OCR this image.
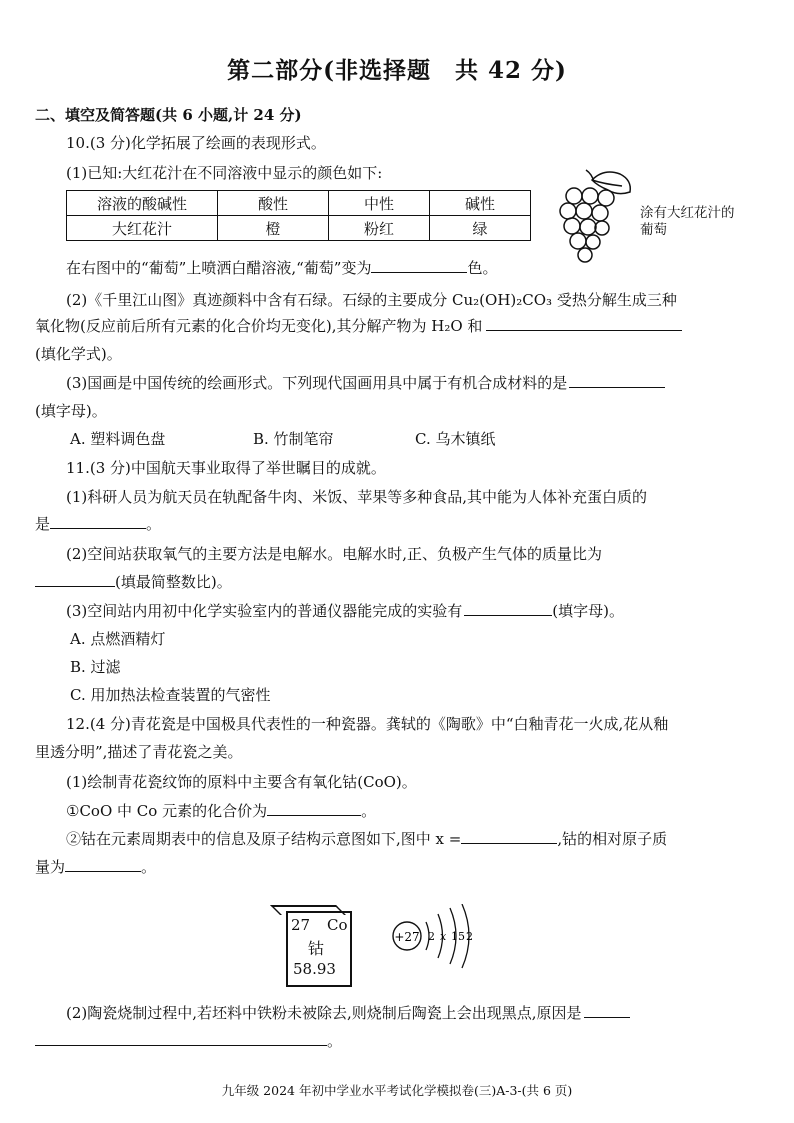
第二部分(非选择题　共 42 分)
二、填空及简答题(共 6 小题,计 24 分)
10.(3 分)化学拓展了绘画的表现形式。
(1)已知:大红花汁在不同溶液中显示的颜色如下:
溶液的酸碱性	酸性	中性	碱性
大红花汁	橙	粉红	绿
涂有大红花汁的葡萄
在右图中的“葡萄”上喷洒白醋溶液,“葡萄”变为	色。
(2)《千里江山图》真迹颜料中含有石绿。石绿的主要成分 Cu₂(OH)₂CO₃ 受热分解生成三种
氧化物(反应前后所有元素的化合价均无变化),其分解产物为 H₂O 和
(填化学式)。
(3)国画是中国传统的绘画形式。下列现代国画用具中属于有机合成材料的是
(填字母)。
A. 塑料调色盘	B. 竹制笔帘	C. 乌木镇纸
11.(3 分)中国航天事业取得了举世瞩目的成就。
(1)科研人员为航天员在轨配备牛肉、米饭、苹果等多种食品,其中能为人体补充蛋白质的
是	。
(2)空间站获取氧气的主要方法是电解水。电解水时,正、负极产生气体的质量比为
(填最简整数比)。
(3)空间站内用初中化学实验室内的普通仪器能完成的实验有	(填字母)。
A. 点燃酒精灯
B. 过滤
C. 用加热法检查装置的气密性
12.(4 分)青花瓷是中国极具代表性的一种瓷器。龚轼的《陶歌》中“白釉青花一火成,花从釉
里透分明”,描述了青花瓷之美。
(1)绘制青花瓷纹饰的原料中主要含有氧化钴(CoO)。
①CoO 中 Co 元素的化合价为	。
②钴在元素周期表中的信息及原子结构示意图如下,图中 x =	,钴的相对原子质
量为	。
27 Co
钴
58.93
+27 2 x 15 2
(2)陶瓷烧制过程中,若坯料中铁粉未被除去,则烧制后陶瓷上会出现黑点,原因是
。
九年级 2024 年初中学业水平考试化学模拟卷(三)A-3-(共 6 页)
